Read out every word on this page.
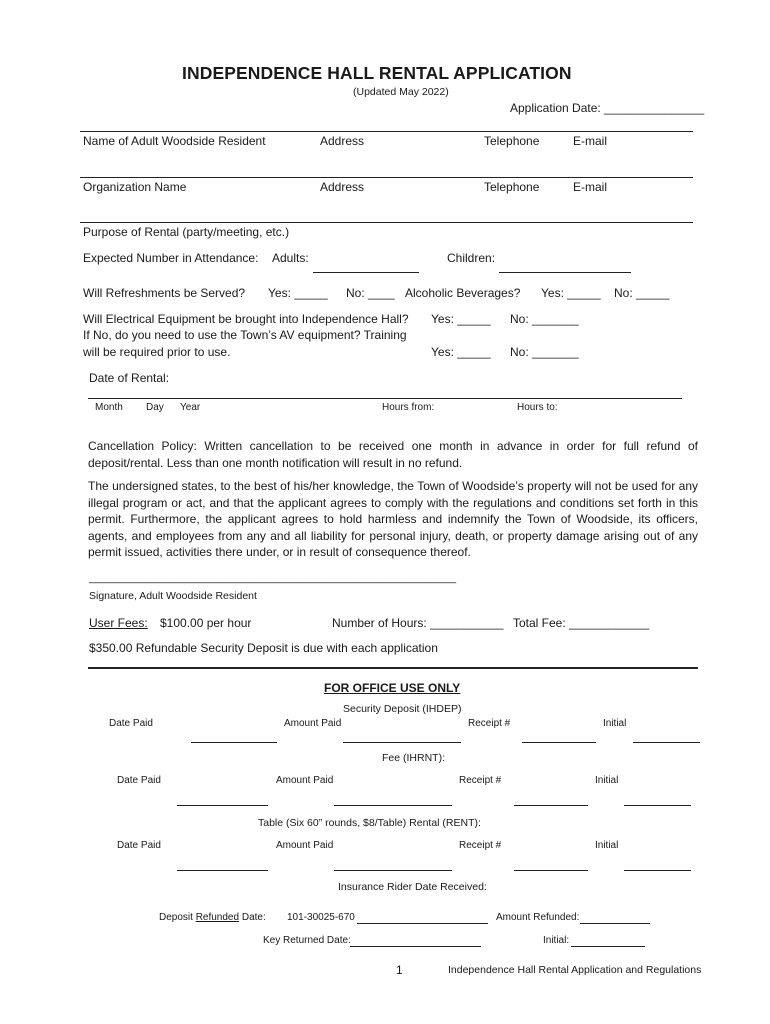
INDEPENDENCE HALL RENTAL APPLICATION
(Updated May 2022)
Application Date: _______________
Name of Adult Woodside Resident	Address	Telephone	E-mail
Organization Name	Address	Telephone	E-mail
Purpose of Rental (party/meeting, etc.)
Expected Number in Attendance: Adults:	Children:
Will Refreshments be Served? Yes: _____ No: ____ Alcoholic Beverages? Yes: _____ No: _____
Will Electrical Equipment be brought into Independence Hall?
If No, do you need to use the Town’s AV equipment? Training
will be required prior to use.
Yes: _____ No: _______
Yes: _____ No: _______
Date of Rental:
Month Day Year	Hours from:	Hours to:
Cancellation Policy: Written cancellation to be received one month in advance in order for full refund of deposit/rental. Less than one month notification will result in no refund.
The undersigned states, to the best of his/her knowledge, the Town of Woodside’s property will not be used for any illegal program or act, and that the applicant agrees to comply with the regulations and conditions set forth in this permit. Furthermore, the applicant agrees to hold harmless and indemnify the Town of Woodside, its officers, agents, and employees from any and all liability for personal injury, death, or property damage arising out of any permit issued, activities there under, or in result of consequence thereof.
____________________________________________________________
Signature, Adult Woodside Resident
User Fees: $100.00 per hour	Number of Hours: ___________ Total Fee: ____________
$350.00 Refundable Security Deposit is due with each application
FOR OFFICE USE ONLY
Security Deposit (IHDEP)
Date Paid	Amount Paid	Receipt #	Initial
Fee (IHRNT):
Date Paid	Amount Paid	Receipt #	Initial
Table (Six 60” rounds, $8/Table) Rental (RENT):
Date Paid	Amount Paid	Receipt #	Initial
Insurance Rider Date Received:
Deposit Refunded Date: 101-30025-670	Amount Refunded:
Key Returned Date:	Initial:
1	Independence Hall Rental Application and Regulations
